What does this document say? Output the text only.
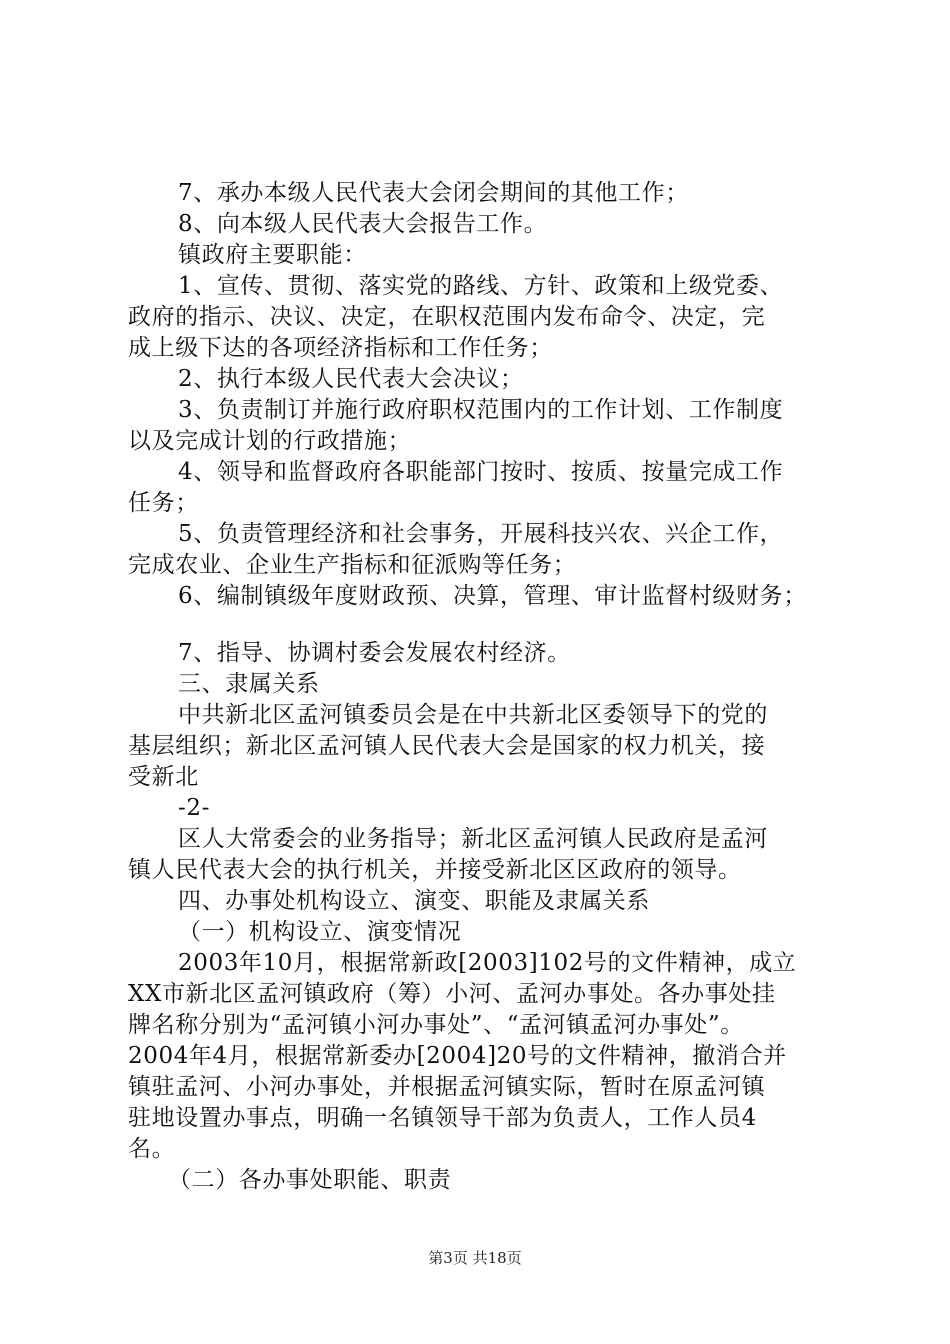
7、承办本级人民代表大会闭会期间的其他工作；
8、向本级人民代表大会报告工作。
镇政府主要职能：
1、宣传、贯彻、落实党的路线、方针、政策和上级党委、
政府的指示、决议、决定，在职权范围内发布命令、决定，完
成上级下达的各项经济指标和工作任务；
2、执行本级人民代表大会决议；
3、负责制订并施行政府职权范围内的工作计划、工作制度
以及完成计划的行政措施；
4、领导和监督政府各职能部门按时、按质、按量完成工作
任务；
5、负责管理经济和社会事务，开展科技兴农、兴企工作，
完成农业、企业生产指标和征派购等任务；
6、编制镇级年度财政预、决算，管理、审计监督村级财务；
7、指导、协调村委会发展农村经济。
三、隶属关系
中共新北区孟河镇委员会是在中共新北区委领导下的党的
基层组织；新北区孟河镇人民代表大会是国家的权力机关，接
受新北
-2-
区人大常委会的业务指导；新北区孟河镇人民政府是孟河
镇人民代表大会的执行机关，并接受新北区区政府的领导。
四、办事处机构设立、演变、职能及隶属关系
（一）机构设立、演变情况
2003年10月，根据常新政[2003]102号的文件精神，成立
XX市新北区孟河镇政府（筹）小河、孟河办事处。各办事处挂
牌名称分别为“孟河镇小河办事处”、“孟河镇孟河办事处”。
2004年4月，根据常新委办[2004]20号的文件精神，撤消合并
镇驻孟河、小河办事处，并根据孟河镇实际，暂时在原孟河镇
驻地设置办事点，明确一名镇领导干部为负责人，工作人员4
名。
（二）各办事处职能、职责
第3页 共18页
